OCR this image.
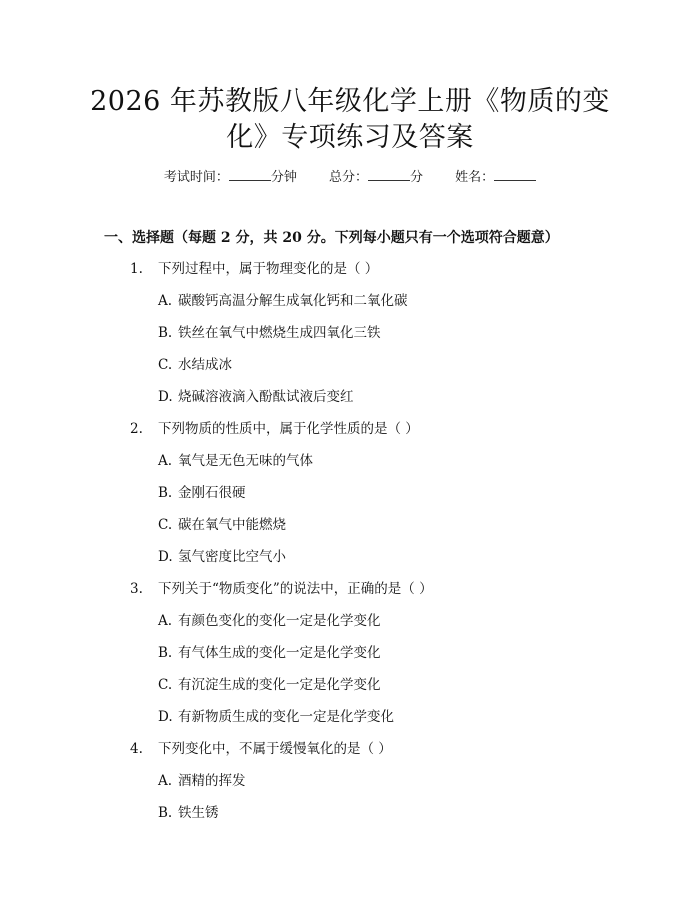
2026 年苏教版八年级化学上册《物质的变
化》专项练习及答案
考试时间：	分钟 总分：	分 姓名：
一、选择题（每题 2 分，共 20 分。下列每小题只有一个选项符合题意）
1. 下列过程中，属于物理变化的是（ ）
A. 碳酸钙高温分解生成氧化钙和二氧化碳
B. 铁丝在氧气中燃烧生成四氧化三铁
C. 水结成冰
D. 烧碱溶液滴入酚酞试液后变红
2. 下列物质的性质中，属于化学性质的是（ ）
A. 氧气是无色无味的气体
B. 金刚石很硬
C. 碳在氧气中能燃烧
D. 氢气密度比空气小
3. 下列关于“物质变化”的说法中，正确的是（ ）
A. 有颜色变化的变化一定是化学变化
B. 有气体生成的变化一定是化学变化
C. 有沉淀生成的变化一定是化学变化
D. 有新物质生成的变化一定是化学变化
4. 下列变化中，不属于缓慢氧化的是（ ）
A. 酒精的挥发
B. 铁生锈
